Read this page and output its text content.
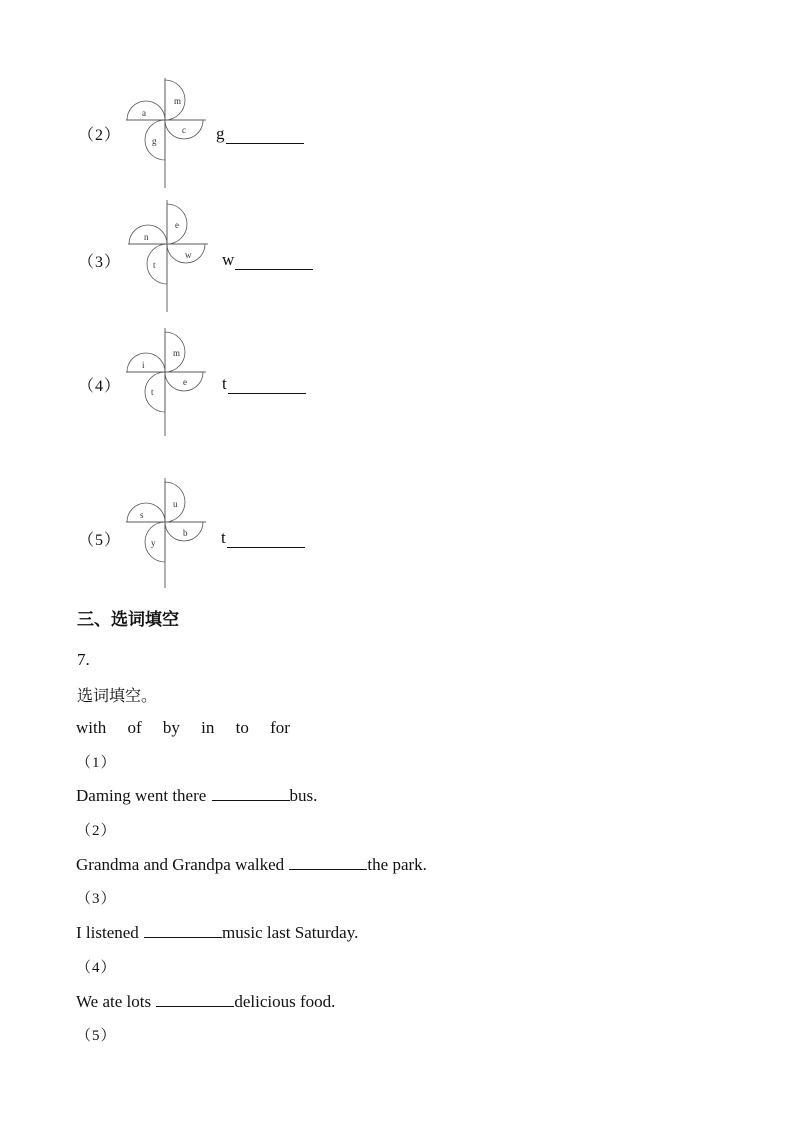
（2）
m
a
c
g	g
（3）
e
n
w
t	w
（4）
m
i
e
t	t
（5）
u
s
b
y	t
三、选词填空
7.
选词填空。
with of by in to for
（1）
Daming went there	bus.
（2）
Grandma and Grandpa walked	the park.
（3）
I listened	music last Saturday.
（4）
We ate lots	delicious food.
（5）
